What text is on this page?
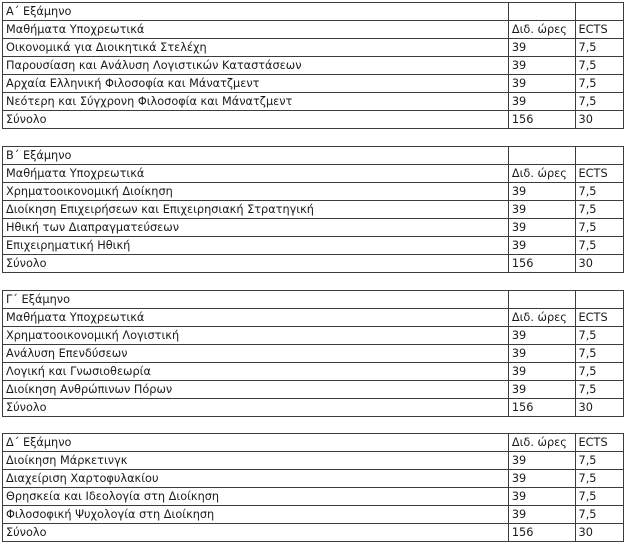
Α΄ Εξάμηνο		
Μαθήματα Υποχρεωτικά	Διδ. ώρες	ECTS
Οικονομικά για Διοικητικά Στελέχη	39	7,5
Παρουσίαση και Ανάλυση Λογιστικών Καταστάσεων	39	7,5
Αρχαία Ελληνική Φιλοσοφία και Μάνατζμεντ	39	7,5
Νεότερη και Σύγχρονη Φιλοσοφία και Μάνατζμεντ	39	7,5
Σύνολο	156	30
Β΄ Εξάμηνο		
Μαθήματα Υποχρεωτικά	Διδ. ώρες	ECTS
Χρηματοοικονομική Διοίκηση	39	7,5
Διοίκηση Επιχειρήσεων και Επιχειρησιακή Στρατηγική	39	7,5
Ηθική των Διαπραγματεύσεων	39	7,5
Επιχειρηματική Ηθική	39	7,5
Σύνολο	156	30
Γ΄ Εξάμηνο		
Μαθήματα Υποχρεωτικά	Διδ. ώρες	ECTS
Χρηματοοικονομική Λογιστική	39	7,5
Ανάλυση Επενδύσεων	39	7,5
Λογική και Γνωσιοθεωρία	39	7,5
Διοίκηση Ανθρώπινων Πόρων	39	7,5
Σύνολο	156	30
Δ΄ Εξάμηνο	Διδ. ώρες	ECTS
Διοίκηση Μάρκετινγκ	39	7,5
Διαχείριση Χαρτοφυλακίου	39	7,5
Θρησκεία και Ιδεολογία στη Διοίκηση	39	7,5
Φιλοσοφική Ψυχολογία στη Διοίκηση	39	7,5
Σύνολο	156	30
